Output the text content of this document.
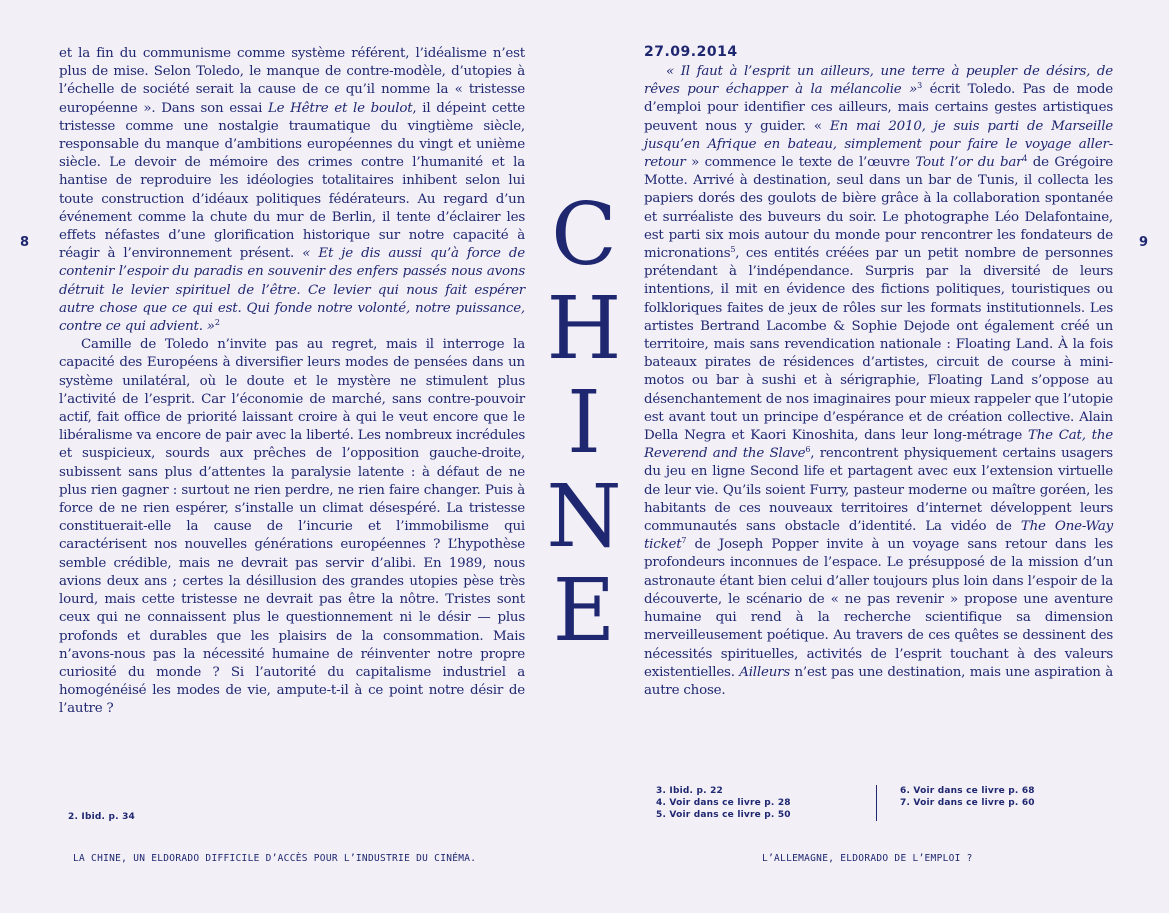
8

et la fin du communisme comme système référent, l’idéalisme n’est plus de mise. Selon Toledo, le manque de contre-modèle, d’utopies à l’échelle de société serait la cause de ce qu’il nomme la « tristesse européenne ». Dans son essai Le Hêtre et le boulot, il dépeint cette tristesse comme une nostalgie traumatique du vingtième siècle, responsable du manque d’ambitions européennes du vingt et unième siècle. Le devoir de mémoire des crimes contre l’humanité et la hantise de reproduire les idéologies totalitaires inhibent selon lui toute construction d’idéaux politiques fédérateurs. Au regard d’un événement comme la chute du mur de Berlin, il tente d’éclairer les effets néfastes d’une glorification historique sur notre capacité à réagir à l’environnement présent. « Et je dis aussi qu’à force de contenir l’espoir du paradis en souvenir des enfers passés nous avons détruit le levier spirituel de l’être. Ce levier qui nous fait espérer autre chose que ce qui est. Qui fonde notre volonté, notre puissance, contre ce qui advient. »$^2$

Camille de Toledo n’invite pas au regret, mais il interroge la capacité des Européens à diversifier leurs modes de pensées dans un système unilatéral, où le doute et le mystère ne stimulent plus l’activité de l’esprit. Car l’économie de marché, sans contre-pouvoir actif, fait office de priorité laissant croire à qui le veut encore que le libéralisme va encore de pair avec la liberté. Les nombreux incrédules et suspicieux, sourds aux prêches de l’opposition gauche-droite, subissent sans plus d’attentes la paralysie latente : à défaut de ne plus rien gagner : surtout ne rien perdre, ne rien faire changer. Puis à force de ne rien espérer, s’installe un climat désespéré. La tristesse constituerait-elle la cause de l’incurie et l’immobilisme qui caractérisent nos nouvelles générations européennes ? L’hypothèse semble crédible, mais ne devrait pas servir d’alibi. En 1989, nous avions deux ans ; certes la désillusion des grandes utopies pèse très lourd, mais cette tristesse ne devrait pas être la nôtre. Tristes sont ceux qui ne connaissent plus le questionnement ni le désir — plus profonds et durables que les plaisirs de la consommation. Mais n’avons-nous pas la nécessité humaine de réinventer notre propre curiosité du monde ? Si l’autorité du capitalisme industriel a homogénéisé les modes de vie, ampute-t-il à ce point notre désir de l’autre ?

2. Ibid. p. 34
LA CHINE, UN ELDORADO DIFFICILE D’ACCÈS POUR L’INDUSTRIE DU CINÉMA.
C
H
I
N
E
27.09.2014
9

« Il faut à l’esprit un ailleurs, une terre à peupler de désirs, de rêves pour échapper à la mélancolie »$^3$ écrit Toledo. Pas de mode d’emploi pour identifier ces ailleurs, mais certains gestes artistiques peuvent nous y guider. « En mai 2010, je suis parti de Marseille jusqu’en Afrique en bateau, simplement pour faire le voyage aller-retour » commence le texte de l’œuvre Tout l’or du bar$^4$ de Grégoire Motte. Arrivé à destination, seul dans un bar de Tunis, il collecta les papiers dorés des goulots de bière grâce à la collaboration spontanée et surréaliste des buveurs du soir. Le photographe Léo Delafontaine, est parti six mois autour du monde pour rencontrer les fondateurs de micronations$^5$, ces entités créées par un petit nombre de personnes prétendant à l’indépendance. Surpris par la diversité de leurs intentions, il mit en évidence des fictions politiques, touristiques ou folkloriques faites de jeux de rôles sur les formats institutionnels. Les artistes Bertrand Lacombe & Sophie Dejode ont également créé un territoire, mais sans revendication nationale : Floating Land. À la fois bateaux pirates de résidences d’artistes, circuit de course à mini-motos ou bar à sushi et à sérigraphie, Floating Land s’oppose au désenchantement de nos imaginaires pour mieux rappeler que l’utopie est avant tout un principe d’espérance et de création collective. Alain Della Negra et Kaori Kinoshita, dans leur long-métrage The Cat, the Reverend and the Slave$^6$, rencontrent physiquement certains usagers du jeu en ligne Second life et partagent avec eux l’extension virtuelle de leur vie. Qu’ils soient Furry, pasteur moderne ou maître goréen, les habitants de ces nouveaux territoires d’internet développent leurs communautés sans obstacle d’identité. La vidéo de The One-Way ticket$^7$ de Joseph Popper invite à un voyage sans retour dans les profondeurs inconnues de l’espace. Le présupposé de la mission d’un astronaute étant bien celui d’aller toujours plus loin dans l’espoir de la découverte, le scénario de « ne pas revenir » propose une aventure humaine qui rend à la recherche scientifique sa dimension merveilleusement poétique. Au travers de ces quêtes se dessinent des nécessités spirituelles, activités de l’esprit touchant à des valeurs existentielles. Ailleurs n’est pas une destination, mais une aspiration à autre chose.

3. Ibid. p. 22
4. Voir dans ce livre p. 28
5. Voir dans ce livre p. 50
6. Voir dans ce livre p. 68
7. Voir dans ce livre p. 60
L’ALLEMAGNE, ELDORADO DE L’EMPLOI ?
